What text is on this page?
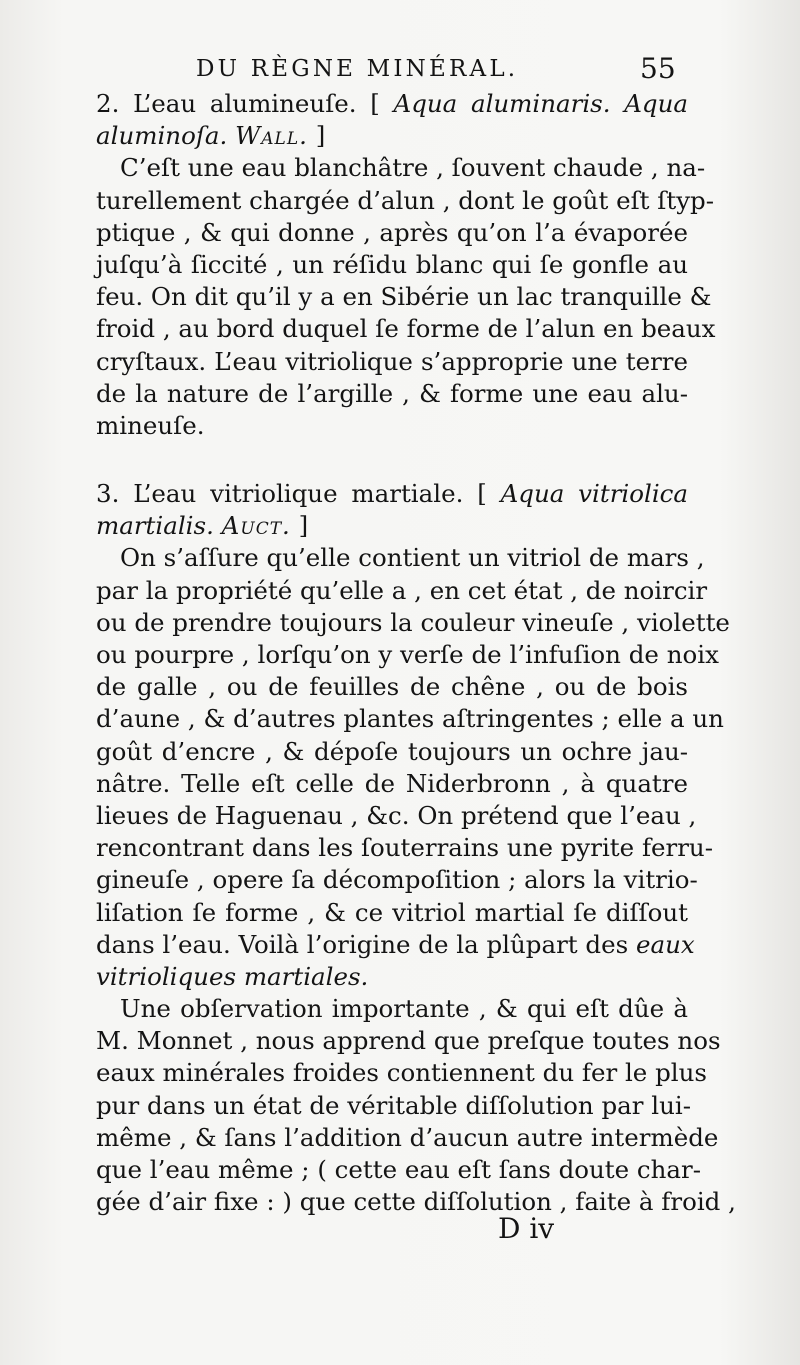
DU RÈGNE MINÉRAL.	55
2. L’eau alumineuſe. [ Aqua aluminaris. Aqua
aluminoſa. Wall. ]
C’eſt une eau blanchâtre , ſouvent chaude , na-
turellement chargée d’alun , dont le goût eſt ſtyp-
ptique , & qui donne , après qu’on l’a évaporée
juſqu’à ſiccité , un réſidu blanc qui ſe gonfle au
feu. On dit qu’il y a en Sibérie un lac tranquille &
froid , au bord duquel ſe forme de l’alun en beaux
cryſtaux. L’eau vitriolique s’approprie une terre
de la nature de l’argille , & forme une eau alu-
mineuſe.
3. L’eau vitriolique martiale. [ Aqua vitriolica
martialis. Auct. ]
On s’aſſure qu’elle contient un vitriol de mars ,
par la propriété qu’elle a , en cet état , de noircir
ou de prendre toujours la couleur vineuſe , violette
ou pourpre , lorſqu’on y verſe de l’infuſion de noix
de galle , ou de feuilles de chêne , ou de bois
d’aune , & d’autres plantes aſtringentes ; elle a un
goût d’encre , & dépoſe toujours un ochre jau-
nâtre. Telle eſt celle de Niderbronn , à quatre
lieues de Haguenau , &c. On prétend que l’eau ,
rencontrant dans les ſouterrains une pyrite ferru-
gineuſe , opere ſa décompoſition ; alors la vitrio-
liſation ſe forme , & ce vitriol martial ſe diſſout
dans l’eau. Voilà l’origine de la plûpart des eaux
vitrioliques martiales.
Une obſervation importante , & qui eſt dûe à
M. Monnet , nous apprend que preſque toutes nos
eaux minérales froides contiennent du fer le plus
pur dans un état de véritable diſſolution par lui-
même , & ſans l’addition d’aucun autre intermède
que l’eau même ; ( cette eau eſt ſans doute char-
gée d’air fixe : ) que cette diſſolution , faite à froid ,
D iv
